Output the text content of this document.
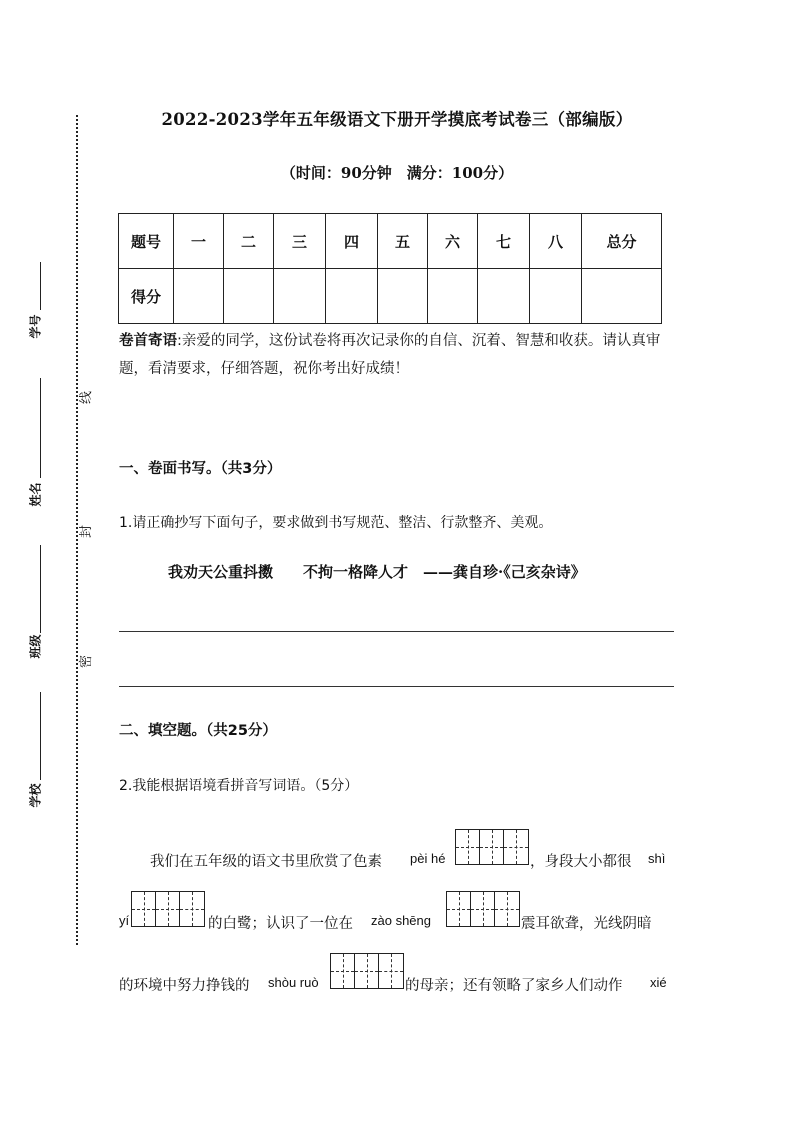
学号
姓名
班级
学校
线
封
密
2022-2023学年五年级语文下册开学摸底考试卷三（部编版）
（时间：90分钟　满分：100分）
题号	一	二	三	四	五	六	七	八	总分
得分									
卷首寄语:亲爱的同学，这份试卷将再次记录你的自信、沉着、智慧和收获。请认真审题，看清要求，仔细答题，祝你考出好成绩！
一、卷面书写。（共3分）
1.请正确抄写下面句子，要求做到书写规范、整洁、行款整齐、美观。
我劝天公重抖擞　　不拘一格降人才　——龚自珍·《己亥杂诗》
二、填空题。（共25分）
2.我能根据语境看拼音写词语。（5分）
我们在五年级的语文书里欣赏了色素 pèi hé	，身段大小都很 shì
yí	的白鹭；认识了一位在 zào shēng	震耳欲聋，光线阴暗
的环境中努力挣钱的 shòu ruò	的母亲；还有领略了家乡人们动作 xié
